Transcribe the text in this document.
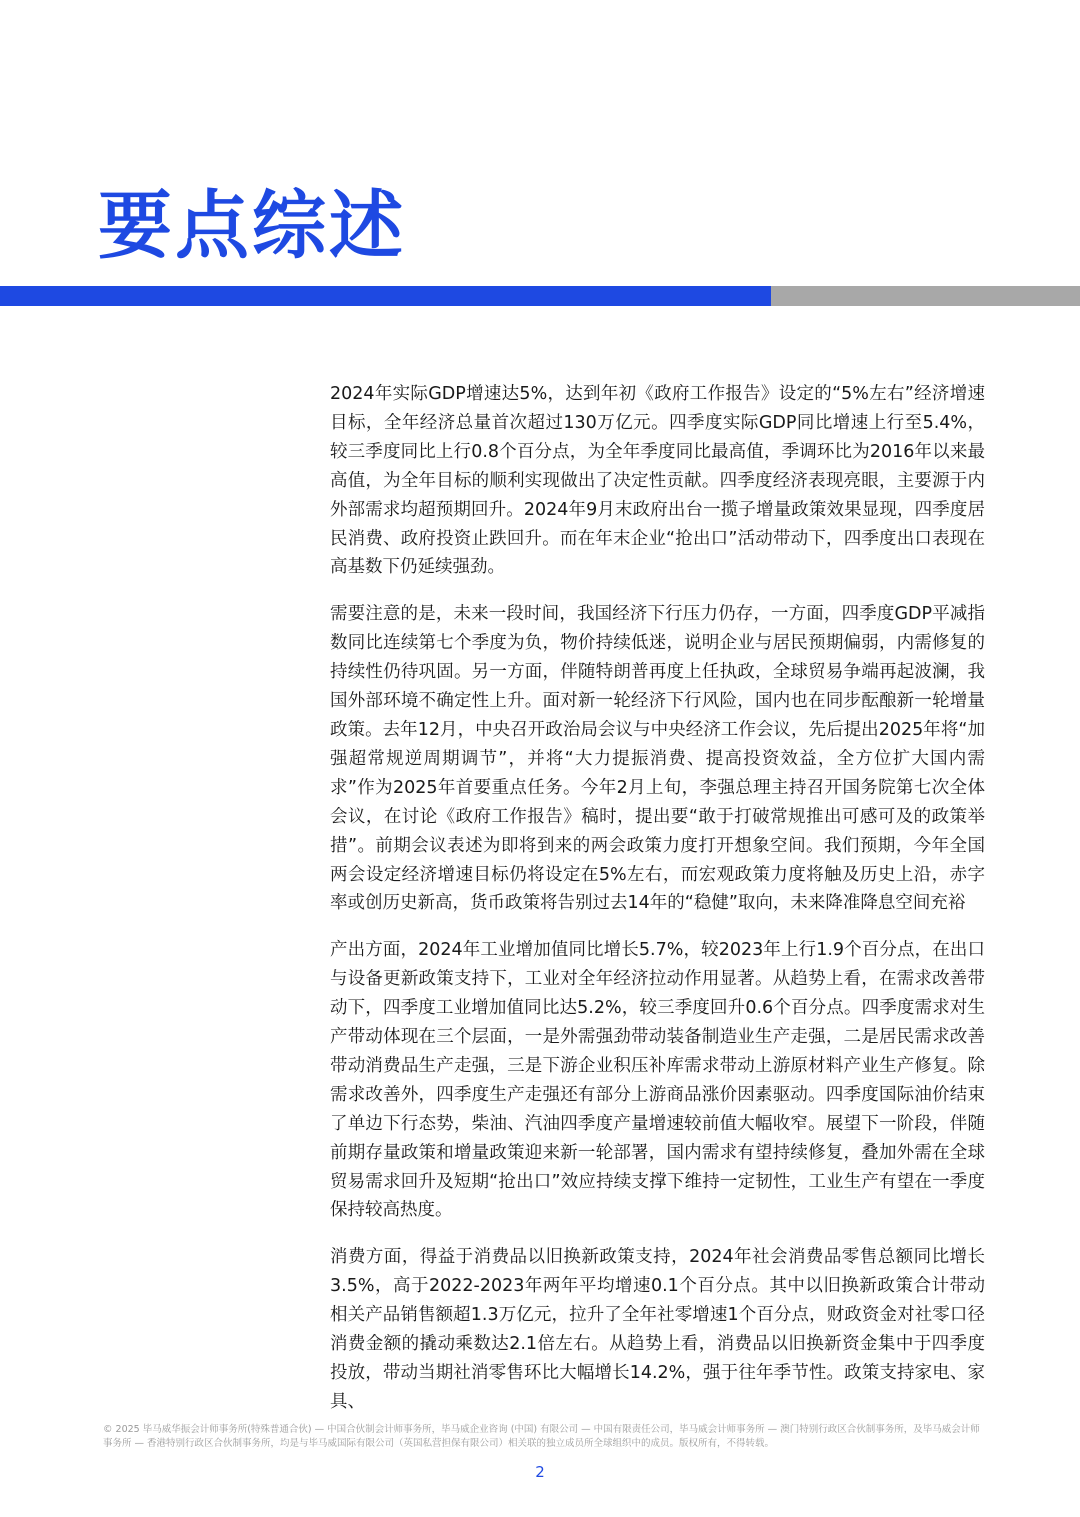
要点综述

2024年实际GDP增速达5%，达到年初《政府工作报告》设定的“5%左右”经济增速目标，全年经济总量首次超过130万亿元。四季度实际GDP同比增速上行至5.4%，较三季度同比上行0.8个百分点，为全年季度同比最高值，季调环比为2016年以来最高值，为全年目标的顺利实现做出了决定性贡献。四季度经济表现亮眼，主要源于内外部需求均超预期回升。2024年9月末政府出台一揽子增量政策效果显现，四季度居民消费、政府投资止跌回升。而在年末企业“抢出口”活动带动下，四季度出口表现在高基数下仍延续强劲。

需要注意的是，未来一段时间，我国经济下行压力仍存，一方面，四季度GDP平减指数同比连续第七个季度为负，物价持续低迷，说明企业与居民预期偏弱，内需修复的持续性仍待巩固。另一方面，伴随特朗普再度上任执政，全球贸易争端再起波澜，我国外部环境不确定性上升。面对新一轮经济下行风险，国内也在同步酝酿新一轮增量政策。去年12月，中央召开政治局会议与中央经济工作会议，先后提出2025年将“加强超常规逆周期调节”，并将“大力提振消费、提高投资效益，全方位扩大国内需求”作为2025年首要重点任务。今年2月上旬，李强总理主持召开国务院第七次全体会议，在讨论《政府工作报告》稿时，提出要“敢于打破常规推出可感可及的政策举措”。前期会议表述为即将到来的两会政策力度打开想象空间。我们预期，今年全国两会设定经济增速目标仍将设定在5%左右，而宏观政策力度将触及历史上沿，赤字率或创历史新高，货币政策将告别过去14年的“稳健”取向，未来降准降息空间充裕

产出方面，2024年工业增加值同比增长5.7%，较2023年上行1.9个百分点，在出口与设备更新政策支持下，工业对全年经济拉动作用显著。从趋势上看，在需求改善带动下，四季度工业增加值同比达5.2%，较三季度回升0.6个百分点。四季度需求对生产带动体现在三个层面，一是外需强劲带动装备制造业生产走强，二是居民需求改善带动消费品生产走强，三是下游企业积压补库需求带动上游原材料产业生产修复。除需求改善外，四季度生产走强还有部分上游商品涨价因素驱动。四季度国际油价结束了单边下行态势，柴油、汽油四季度产量增速较前值大幅收窄。展望下一阶段，伴随前期存量政策和增量政策迎来新一轮部署，国内需求有望持续修复，叠加外需在全球贸易需求回升及短期“抢出口”效应持续支撑下维持一定韧性，工业生产有望在一季度保持较高热度。

消费方面，得益于消费品以旧换新政策支持，2024年社会消费品零售总额同比增长3.5%，高于2022-2023年两年平均增速0.1个百分点。其中以旧换新政策合计带动相关产品销售额超1.3万亿元，拉升了全年社零增速1个百分点，财政资金对社零口径消费金额的撬动乘数达2.1倍左右。从趋势上看，消费品以旧换新资金集中于四季度投放，带动当期社消零售环比大幅增长14.2%，强于往年季节性。政策支持家电、家具、

© 2025 毕马威华振会计师事务所(特殊普通合伙) — 中国合伙制会计师事务所，毕马威企业咨询 (中国) 有限公司 — 中国有限责任公司，毕马威会计师事务所 — 澳门特别行政区合伙制事务所，及毕马威会计师事务所 — 香港特别行政区合伙制事务所，均是与毕马威国际有限公司（英国私营担保有限公司）相关联的独立成员所全球组织中的成员。版权所有，不得转载。

2
